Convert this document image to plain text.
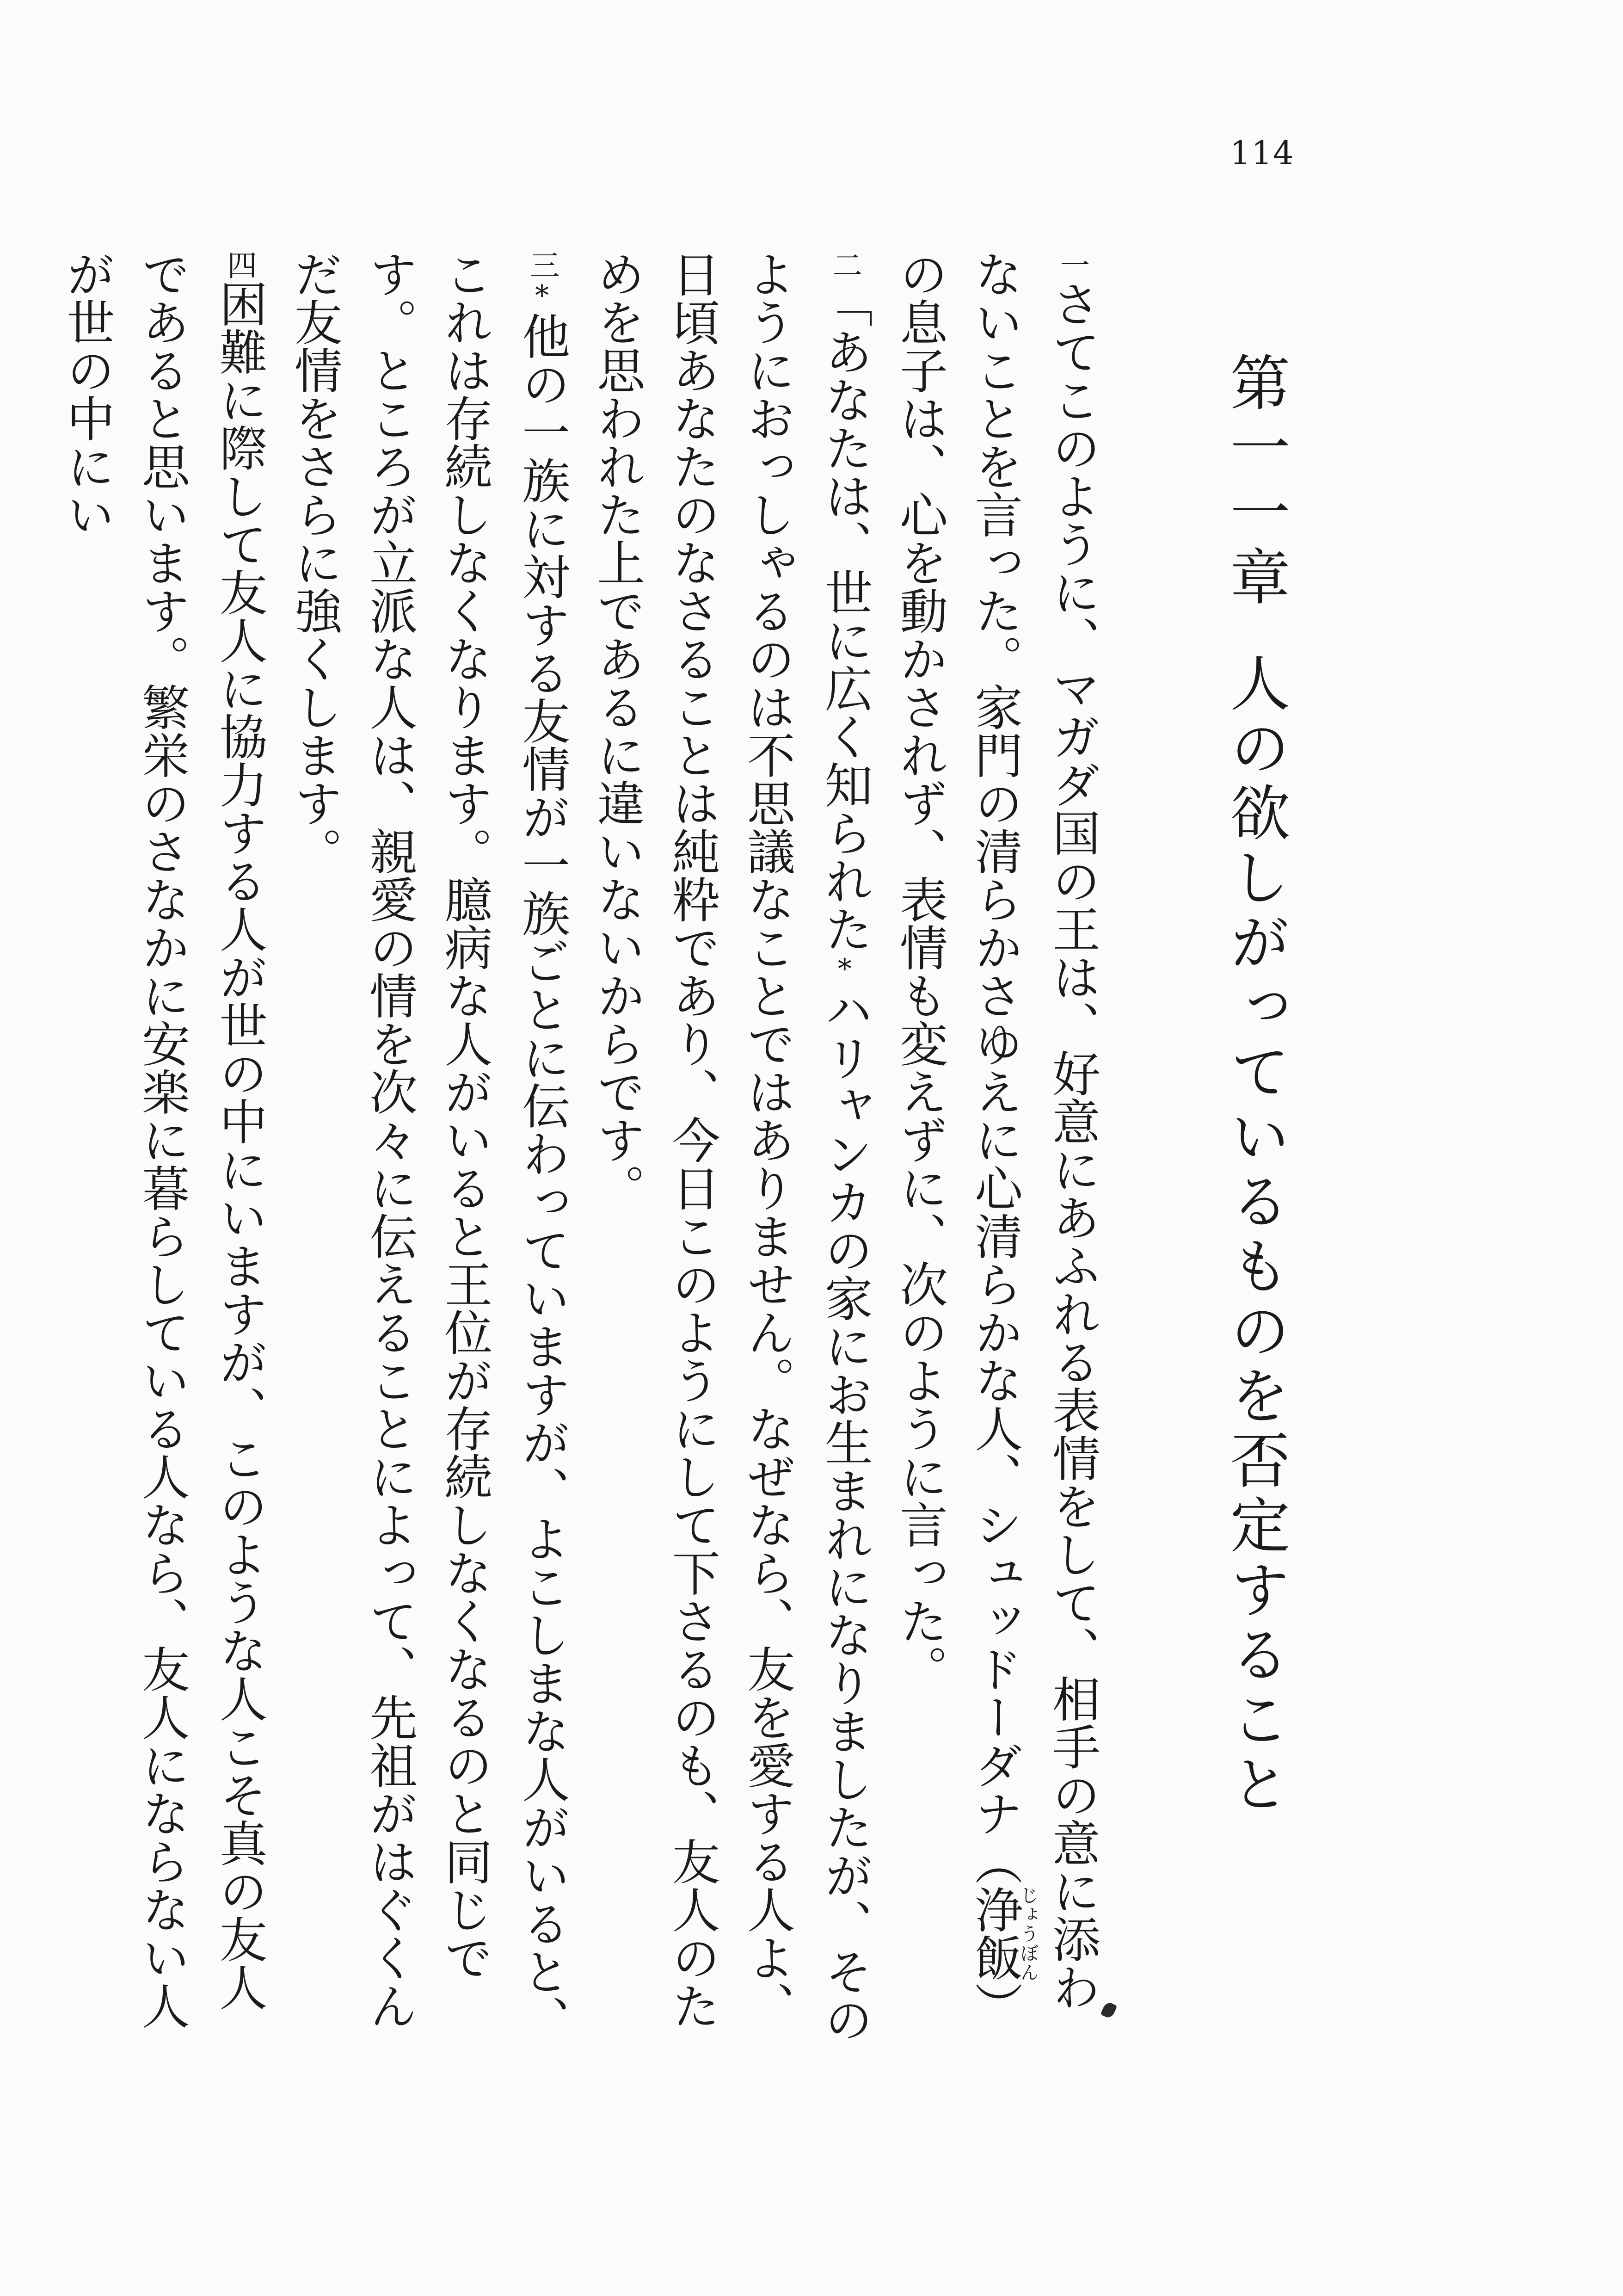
114
第一一章人の欲しがっているものを否定すること

一さてこのように、マガダ国の王は、好意にあふれる表情をして、相手の意に添わないことを言った。家門の清らかさゆえに心清らかな人、シュッドーダナ（浄飯じょうぼん）の息子は、心を動かされず、表情も変えずに、次のように言った。

二「あなたは、世に広く知られた*ハリャンカの家にお生まれになりましたが、そのようにおっしゃるのは不思議なことではありません。なぜなら、友を愛する人よ、日頃あなたのなさることは純粋であり、今日このようにして下さるのも、友人のためを思われた上であるに違いないからです。

三*他の一族に対する友情が一族ごとに伝わっていますが、よこしまな人がいると、これは存続しなくなります。臆病な人がいると王位が存続しなくなるのと同じです。ところが立派な人は、親愛の情を次々に伝えることによって、先祖がはぐくんだ友情をさらに強くします。

四困難に際して友人に協力する人が世の中にいますが、このような人こそ真の友人であると思います。繁栄のさなかに安楽に暮らしている人なら、友人にならない人が世の中にい
